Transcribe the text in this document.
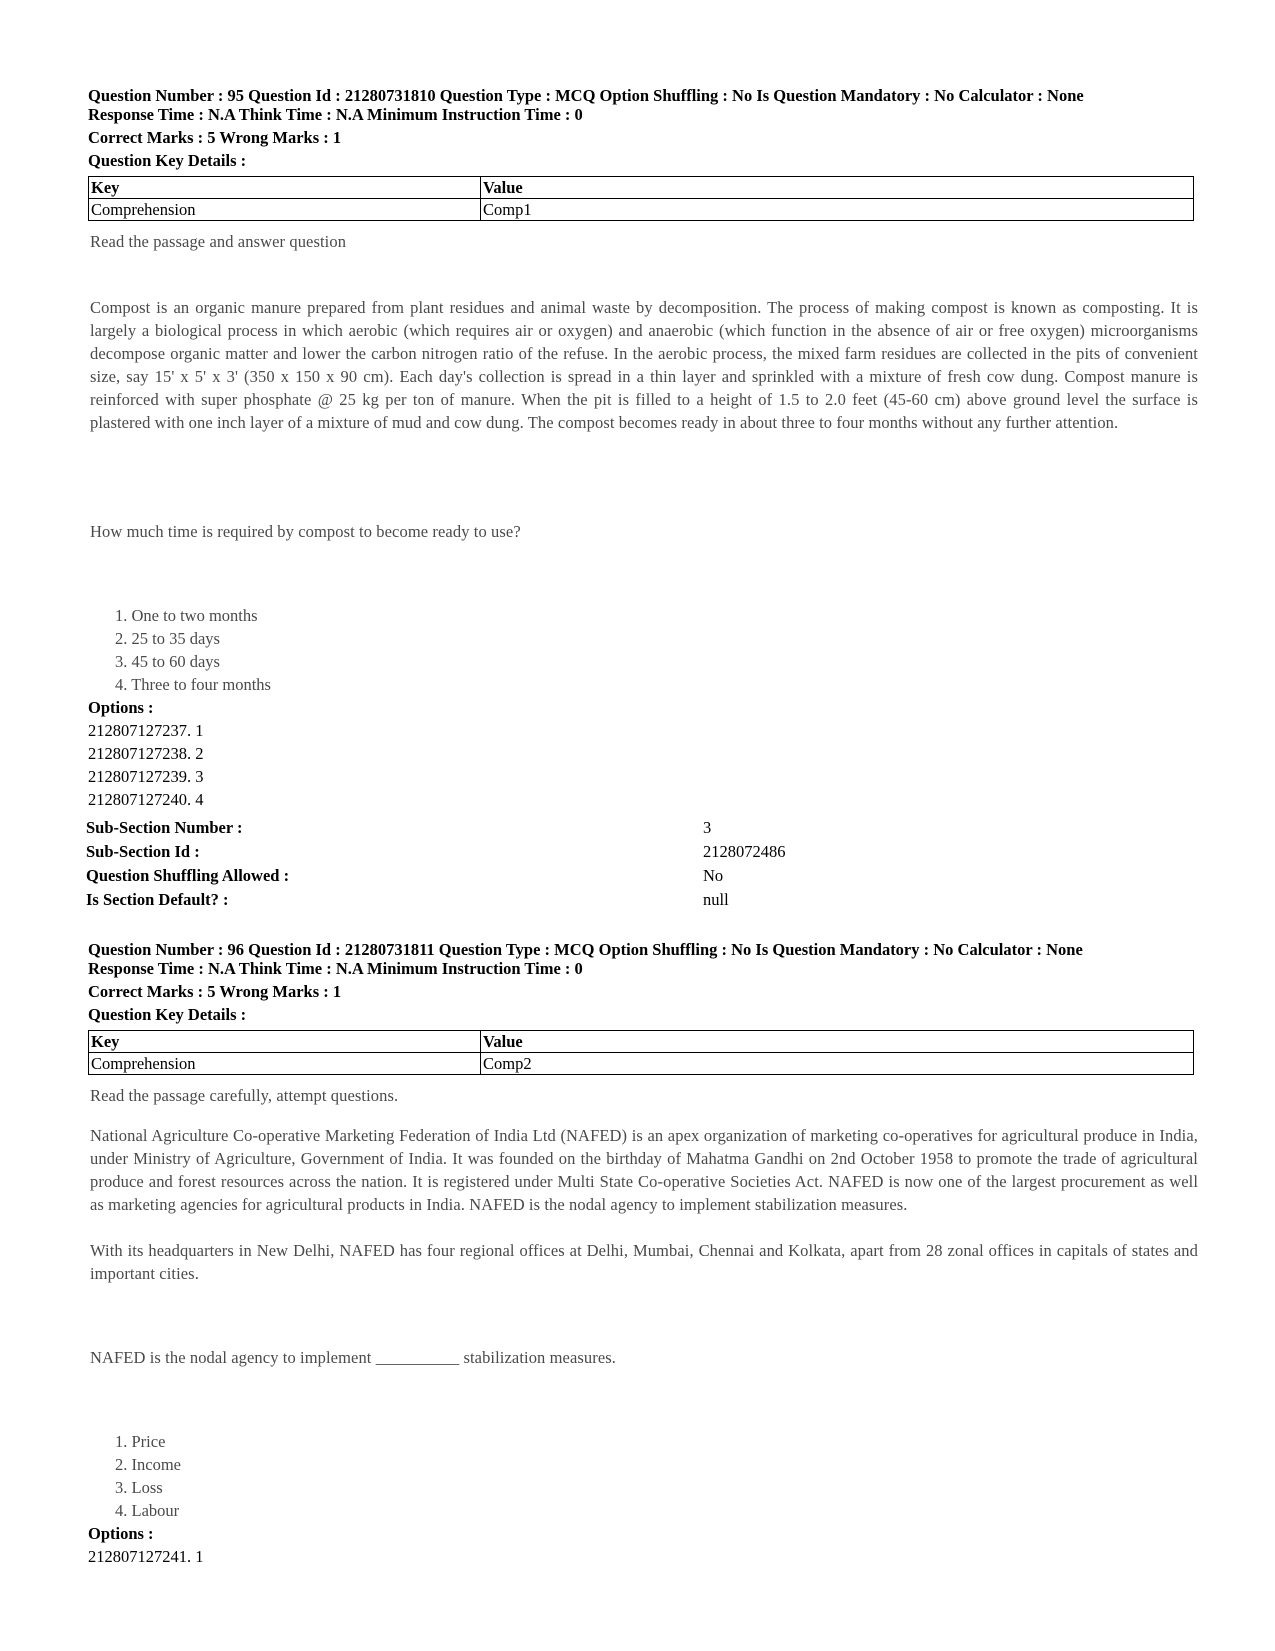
Question Number : 95 Question Id : 21280731810 Question Type : MCQ Option Shuffling : No Is Question Mandatory : No Calculator : None
Response Time : N.A Think Time : N.A Minimum Instruction Time : 0
Correct Marks : 5 Wrong Marks : 1
Question Key Details :
Key	Value
Comprehension	Comp1
Read the passage and answer question
Compost is an organic manure prepared from plant residues and animal waste by decomposition. The process of making compost is known as composting. It is largely a biological process in which aerobic (which requires air or oxygen) and anaerobic (which function in the absence of air or free oxygen) microorganisms decompose organic matter and lower the carbon nitrogen ratio of the refuse. In the aerobic process, the mixed farm residues are collected in the pits of convenient size, say 15' x 5' x 3' (350 x 150 x 90 cm). Each day's collection is spread in a thin layer and sprinkled with a mixture of fresh cow dung. Compost manure is reinforced with super phosphate @ 25 kg per ton of manure. When the pit is filled to a height of 1.5 to 2.0 feet (45-60 cm) above ground level the surface is plastered with one inch layer of a mixture of mud and cow dung. The compost becomes ready in about three to four months without any further attention.
How much time is required by compost to become ready to use?
1. One to two months
2. 25 to 35 days
3. 45 to 60 days
4. Three to four months
Options :
212807127237. 1
212807127238. 2
212807127239. 3
212807127240. 4
Sub-Section Number :	3
Sub-Section Id :	2128072486
Question Shuffling Allowed :	No
Is Section Default? :	null
Question Number : 96 Question Id : 21280731811 Question Type : MCQ Option Shuffling : No Is Question Mandatory : No Calculator : None
Response Time : N.A Think Time : N.A Minimum Instruction Time : 0
Correct Marks : 5 Wrong Marks : 1
Question Key Details :
Key	Value
Comprehension	Comp2
Read the passage carefully, attempt questions.
National Agriculture Co-operative Marketing Federation of India Ltd (NAFED) is an apex organization of marketing co-operatives for agricultural produce in India, under Ministry of Agriculture, Government of India. It was founded on the birthday of Mahatma Gandhi on 2nd October 1958 to promote the trade of agricultural produce and forest resources across the nation. It is registered under Multi State Co-operative Societies Act. NAFED is now one of the largest procurement as well as marketing agencies for agricultural products in India. NAFED is the nodal agency to implement stabilization measures.
With its headquarters in New Delhi, NAFED has four regional offices at Delhi, Mumbai, Chennai and Kolkata, apart from 28 zonal offices in capitals of states and important cities.
NAFED is the nodal agency to implement __________ stabilization measures.
1. Price
2. Income
3. Loss
4. Labour
Options :
212807127241. 1
